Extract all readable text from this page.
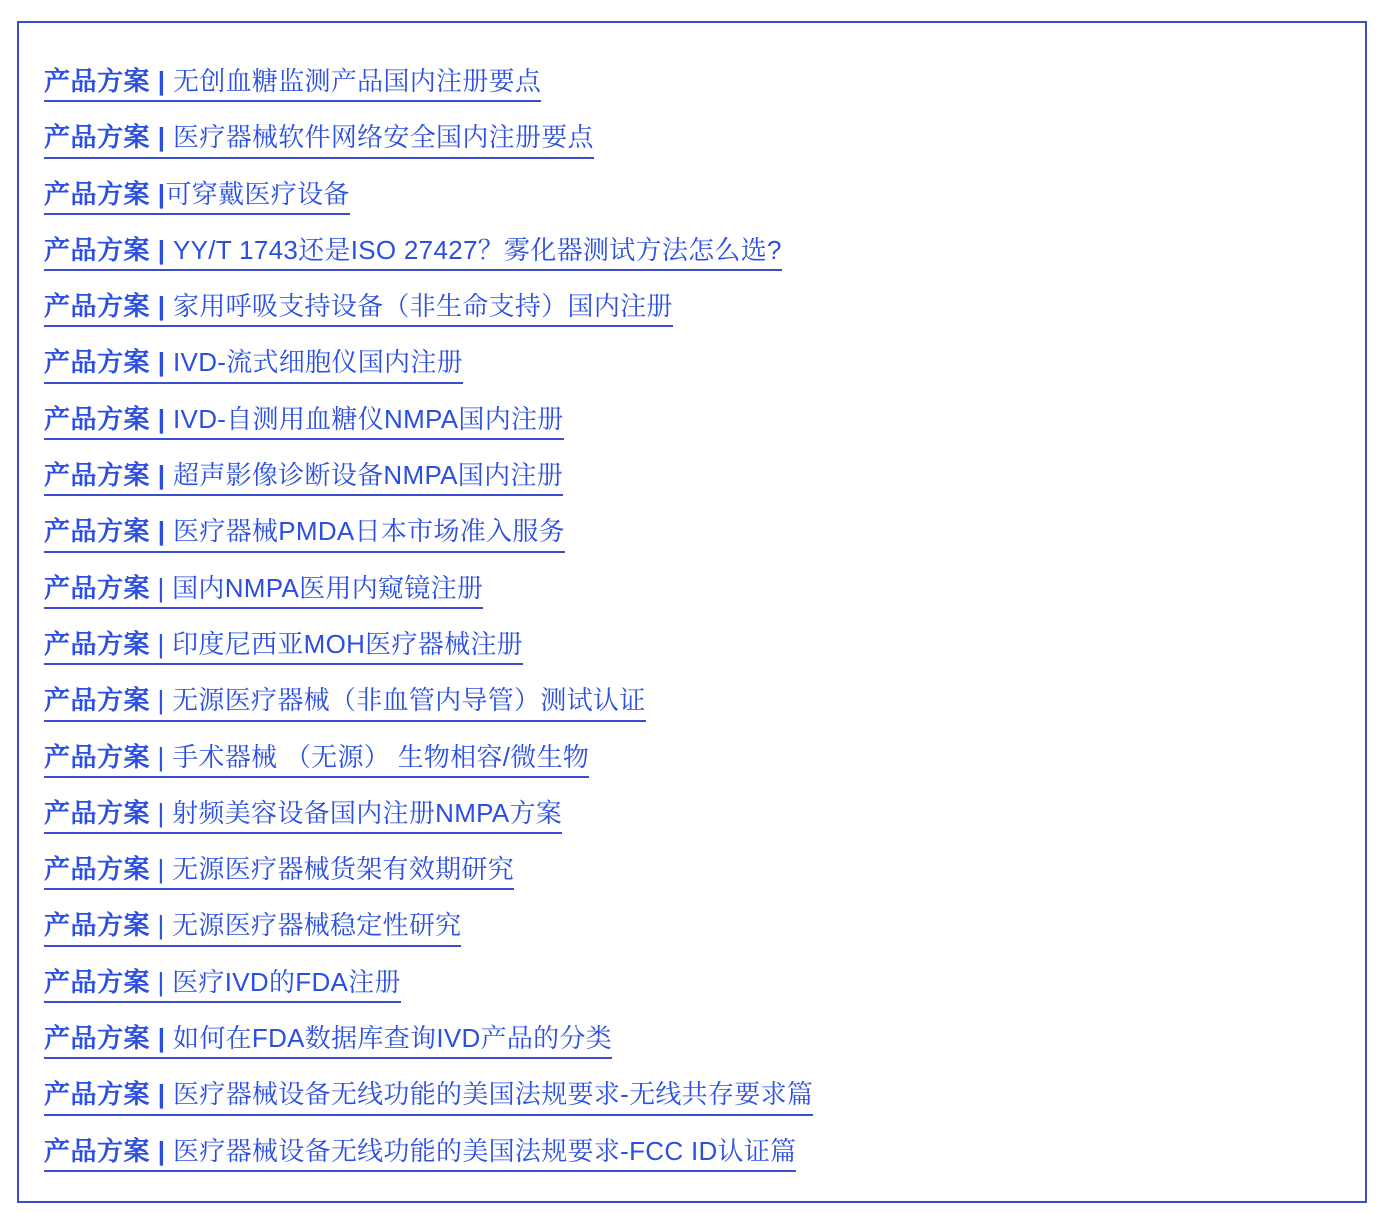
产品方案 | 无创血糖监测产品国内注册要点
产品方案 | 医疗器械软件网络安全国内注册要点
产品方案 |可穿戴医疗设备
产品方案 | YY/T 1743还是ISO 27427？雾化器测试方法怎么选?
产品方案 | 家用呼吸支持设备（非生命支持）国内注册
产品方案 | IVD-流式细胞仪国内注册
产品方案 | IVD-自测用血糖仪NMPA国内注册
产品方案 | 超声影像诊断设备NMPA国内注册
产品方案 | 医疗器械PMDA日本市场准入服务
产品方案 | 国内NMPA医用内窥镜注册
产品方案 | 印度尼西亚MOH医疗器械注册
产品方案 | 无源医疗器械（非血管内导管）测试认证
产品方案 | 手术器械 （无源） 生物相容/微生物
产品方案 | 射频美容设备国内注册NMPA方案
产品方案 | 无源医疗器械货架有效期研究
产品方案 | 无源医疗器械稳定性研究
产品方案 | 医疗IVD的FDA注册
产品方案 | 如何在FDA数据库查询IVD产品的分类
产品方案 | 医疗器械设备无线功能的美国法规要求-无线共存要求篇
产品方案 | 医疗器械设备无线功能的美国法规要求-FCC ID认证篇
